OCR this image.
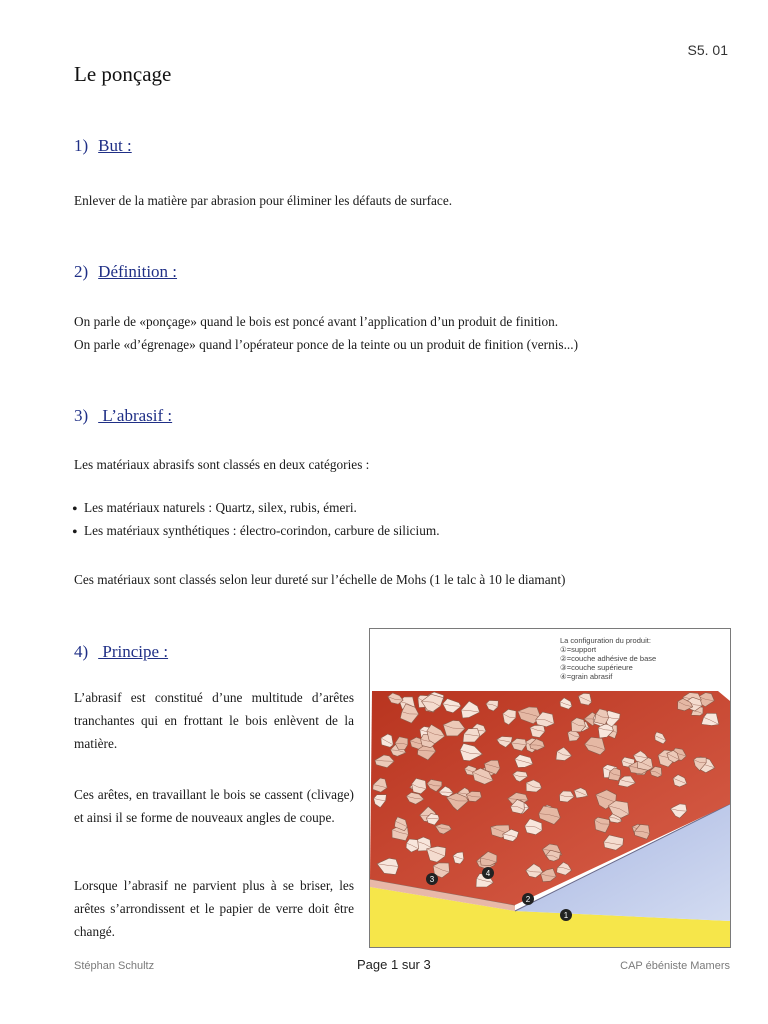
S5. 01
Le ponçage
1) But :
Enlever de la matière par abrasion pour éliminer les défauts de surface.
2) Définition :
On parle de «ponçage» quand le bois est poncé avant l’application d’un produit de finition.
On parle «d’égrenage» quand l’opérateur ponce de la teinte ou un produit de finition (vernis...)
3) L’abrasif :
Les matériaux abrasifs sont classés en deux catégories :
• Les matériaux naturels : Quartz, silex, rubis, émeri.
• Les matériaux synthétiques : électro-corindon, carbure de silicium.
Ces matériaux sont classés selon leur dureté sur l’échelle de Mohs (1 le talc à 10 le diamant)
4) Principe :
L’abrasif est constitué d’une multitude d’arêtes tranchantes qui en frottant le bois enlèvent de la matière.
Ces arêtes, en travaillant le bois se cassent (clivage) et ainsi il se forme de nouveaux angles de coupe.
Lorsque l’abrasif ne parvient plus à se briser, les arêtes s’arrondissent et le papier de verre doit être changé.
La configuration du produit:
①=support
②=couche adhésive de base
③=couche supérieure
④=grain abrasif
1
2
3
4
Stéphan Schultz	Page 1 sur 3	CAP ébéniste Mamers
